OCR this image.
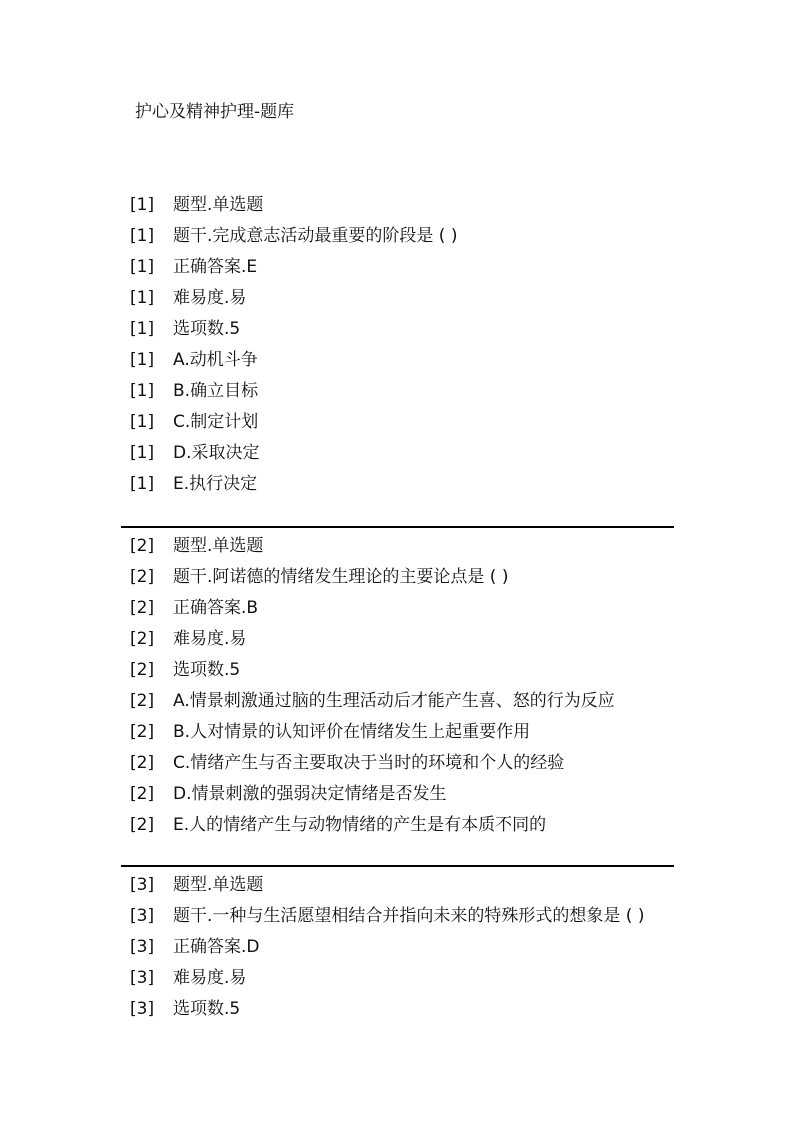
护心及精神护理-题库
[1] 题型.单选题
[1] 题干.完成意志活动最重要的阶段是 ( )
[1] 正确答案.E
[1] 难易度.易
[1] 选项数.5
[1] A.动机斗争
[1] B.确立目标
[1] C.制定计划
[1] D.采取决定
[1] E.执行决定
[2] 题型.单选题
[2] 题干.阿诺德的情绪发生理论的主要论点是 ( )
[2] 正确答案.B
[2] 难易度.易
[2] 选项数.5
[2] A.情景刺激通过脑的生理活动后才能产生喜、怒的行为反应
[2] B.人对情景的认知评价在情绪发生上起重要作用
[2] C.情绪产生与否主要取决于当时的环境和个人的经验
[2] D.情景刺激的强弱决定情绪是否发生
[2] E.人的情绪产生与动物情绪的产生是有本质不同的
[3] 题型.单选题
[3] 题干.一种与生活愿望相结合并指向未来的特殊形式的想象是 ( )
[3] 正确答案.D
[3] 难易度.易
[3] 选项数.5
